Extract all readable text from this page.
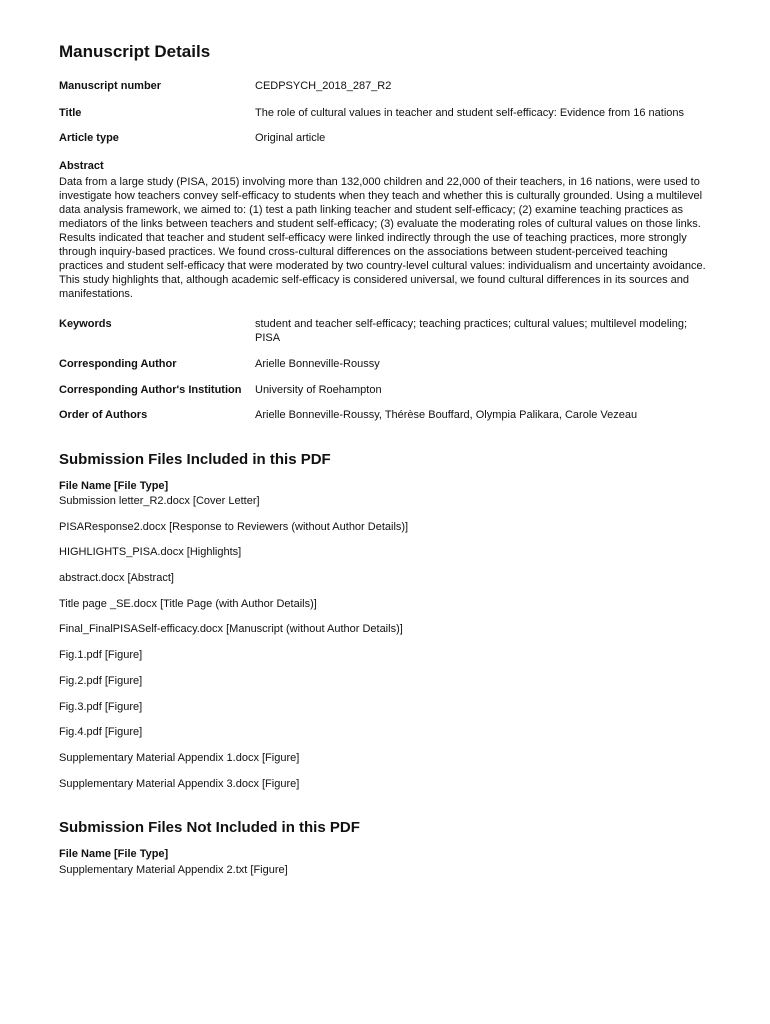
Manuscript Details
Manuscript number	CEDPSYCH_2018_287_R2
Title	The role of cultural values in teacher and student self-efficacy: Evidence from 16 nations
Article type	Original article
Abstract
Data from a large study (PISA, 2015) involving more than 132,000 children and 22,000 of their teachers, in 16 nations, were used to investigate how teachers convey self-efficacy to students when they teach and whether this is culturally grounded. Using a multilevel data analysis framework, we aimed to: (1) test a path linking teacher and student self-efficacy; (2) examine teaching practices as mediators of the links between teachers and student self-efficacy; (3) evaluate the moderating roles of cultural values on those links. Results indicated that teacher and student self-efficacy were linked indirectly through the use of teaching practices, more strongly through inquiry-based practices. We found cross-cultural differences on the associations between student-perceived teaching practices and student self-efficacy that were moderated by two country-level cultural values: individualism and uncertainty avoidance. This study highlights that, although academic self-efficacy is considered universal, we found cultural differences in its sources and manifestations.
Keywords	student and teacher self-efficacy; teaching practices; cultural values; multilevel modeling; PISA
Corresponding Author	Arielle Bonneville-Roussy
Corresponding Author's Institution	University of Roehampton
Order of Authors	Arielle Bonneville-Roussy, Thérèse Bouffard, Olympia Palikara, Carole Vezeau
Submission Files Included in this PDF
File Name [File Type]
Submission letter_R2.docx [Cover Letter]
PISAResponse2.docx [Response to Reviewers (without Author Details)]
HIGHLIGHTS_PISA.docx [Highlights]
abstract.docx [Abstract]
Title page _SE.docx [Title Page (with Author Details)]
Final_FinalPISASelf-efficacy.docx [Manuscript (without Author Details)]
Fig.1.pdf [Figure]
Fig.2.pdf [Figure]
Fig.3.pdf [Figure]
Fig.4.pdf [Figure]
Supplementary Material Appendix 1.docx [Figure]
Supplementary Material Appendix 3.docx [Figure]
Submission Files Not Included in this PDF
File Name [File Type]
Supplementary Material Appendix 2.txt [Figure]
